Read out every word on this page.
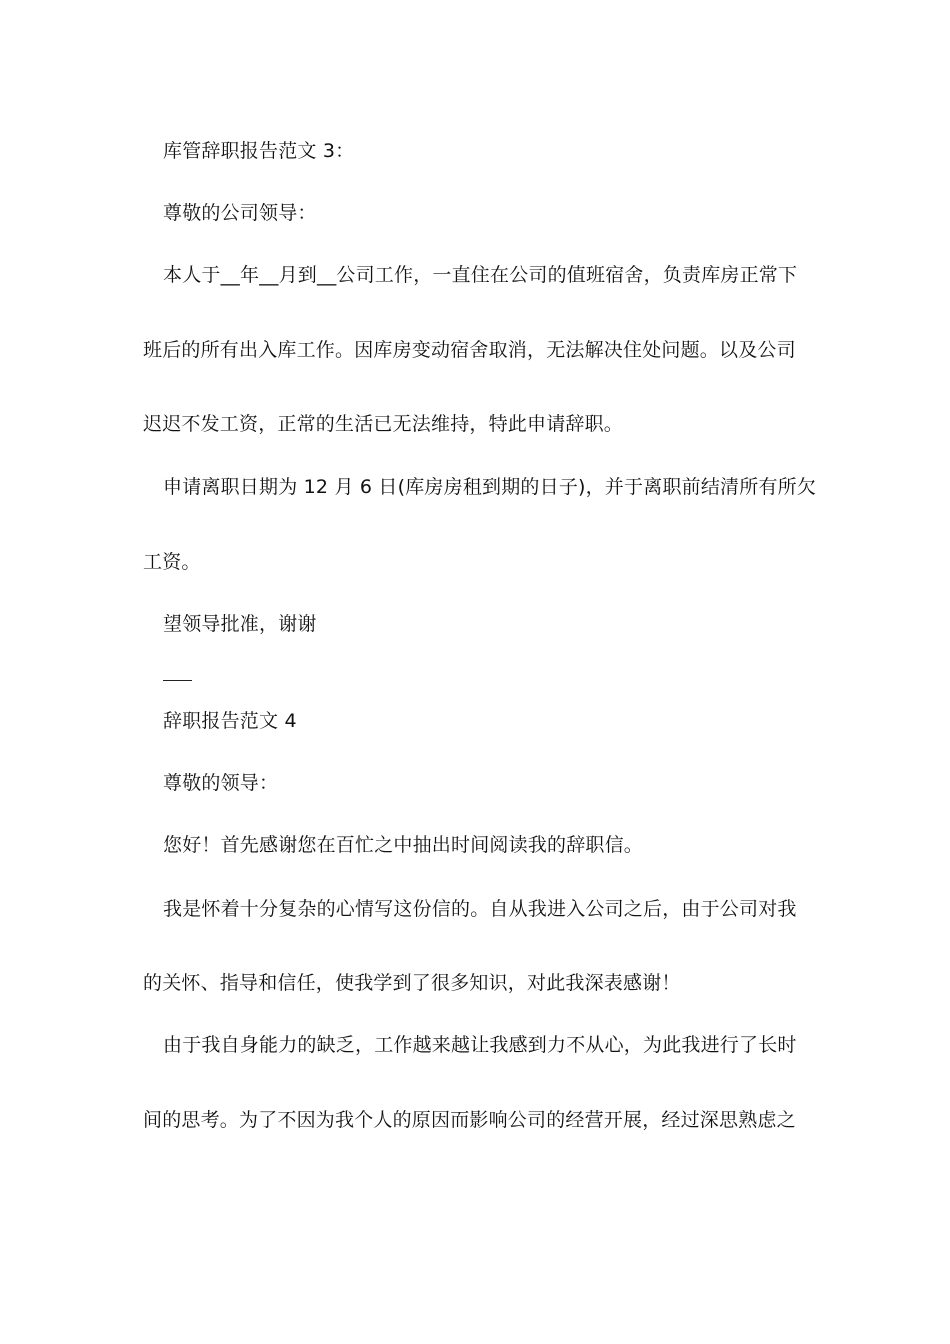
库管辞职报告范文 3：
尊敬的公司领导：
本人于__年__月到__公司工作，一直住在公司的值班宿舍，负责库房正常下
班后的所有出入库工作。因库房变动宿舍取消，无法解决住处问题。以及公司
迟迟不发工资，正常的生活已无法维持，特此申请辞职。
申请离职日期为 12 月 6 日(库房房租到期的日子)，并于离职前结清所有所欠
工资。
望领导批准，谢谢
辞职报告范文 4
尊敬的领导：
您好！首先感谢您在百忙之中抽出时间阅读我的辞职信。
我是怀着十分复杂的心情写这份信的。自从我进入公司之后，由于公司对我
的关怀、指导和信任，使我学到了很多知识，对此我深表感谢！
由于我自身能力的缺乏，工作越来越让我感到力不从心，为此我进行了长时
间的思考。为了不因为我个人的原因而影响公司的经营开展，经过深思熟虑之
